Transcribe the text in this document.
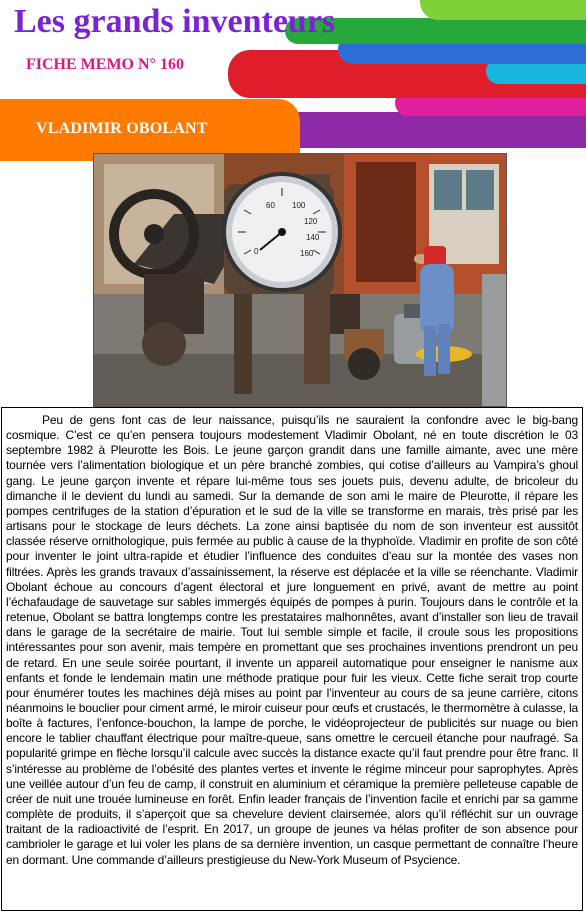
Les grands inventeurs
FICHE MEMO N° 160
VLADIMIR OBOLANT
60 100
120
140
160
0

Peu de gens font cas de leur naissance, puisqu’ils ne sauraient la confondre avec le big-bang cosmique. C’est ce qu’en pensera toujours modestement Vladimir Obolant, né en toute discrétion le 03 septembre 1982 à Pleurotte les Bois. Le jeune garçon grandit dans une famille aimante, avec une mère tournée vers l’alimentation biologique et un père branché zombies, qui cotise d’ailleurs au Vampira’s ghoul gang. Le jeune garçon invente et répare lui-même tous ses jouets puis, devenu adulte, de bricoleur du dimanche il le devient du lundi au samedi. Sur la demande de son ami le maire de Pleurotte, il répare les pompes centrifuges de la station d’épuration et le sud de la ville se transforme en marais, très prisé par les artisans pour le stockage de leurs déchets. La zone ainsi baptisée du nom de son inventeur est aussitôt classée réserve ornithologique, puis fermée au public à cause de la thyphoïde. Vladimir en profite de son côté pour inventer le joint ultra-rapide et étudier l’influence des conduites d’eau sur la montée des vases non filtrées. Après les grands travaux d’assainissement, la réserve est déplacée et la ville se réenchante. Vladimir Obolant échoue au concours d’agent électoral et jure longuement en privé, avant de mettre au point l’échafaudage de sauvetage sur sables immergés équipés de pompes à purin. Toujours dans le contrôle et la retenue, Obolant se battra longtemps contre les prestataires malhonnêtes, avant d’installer son lieu de travail dans le garage de la secrétaire de mairie. Tout lui semble simple et facile, il croule sous les propositions intéressantes pour son avenir, mais tempère en promettant que ses prochaines inventions prendront un peu de retard. En une seule soirée pourtant, il invente un appareil automatique pour enseigner le nanisme aux enfants et fonde le lendemain matin une méthode pratique pour fuir les vieux. Cette fiche serait trop courte pour énumérer toutes les machines déjà mises au point par l’inventeur au cours de sa jeune carrière, citons néanmoins le bouclier pour ciment armé, le miroir cuiseur pour œufs et crustacés, le thermomètre à culasse, la boîte à factures, l’enfonce-bouchon, la lampe de porche, le vidéoprojecteur de publicités sur nuage ou bien encore le tablier chauffant électrique pour maître-queue, sans omettre le cercueil étanche pour naufragé. Sa popularité grimpe en flèche lorsqu’il calcule avec succès la distance exacte qu’il faut prendre pour être franc. Il s’intéresse au problème de l’obésité des plantes vertes et invente le régime minceur pour saprophytes. Après une veillée autour d’un feu de camp, il construit en aluminium et céramique la première pelleteuse capable de créer de nuit une trouée lumineuse en forêt. Enfin leader français de l’invention facile et enrichi par sa gamme complète de produits, il s’aperçoit que sa chevelure devient clairsemée, alors qu’il réfléchit sur un ouvrage traitant de la radioactivité de l’esprit. En 2017, un groupe de jeunes va hélas profiter de son absence pour cambrioler le garage et lui voler les plans de sa dernière invention, un casque permettant de connaître l’heure en dormant. Une commande d’ailleurs prestigieuse du New-York Museum of Psycience.
